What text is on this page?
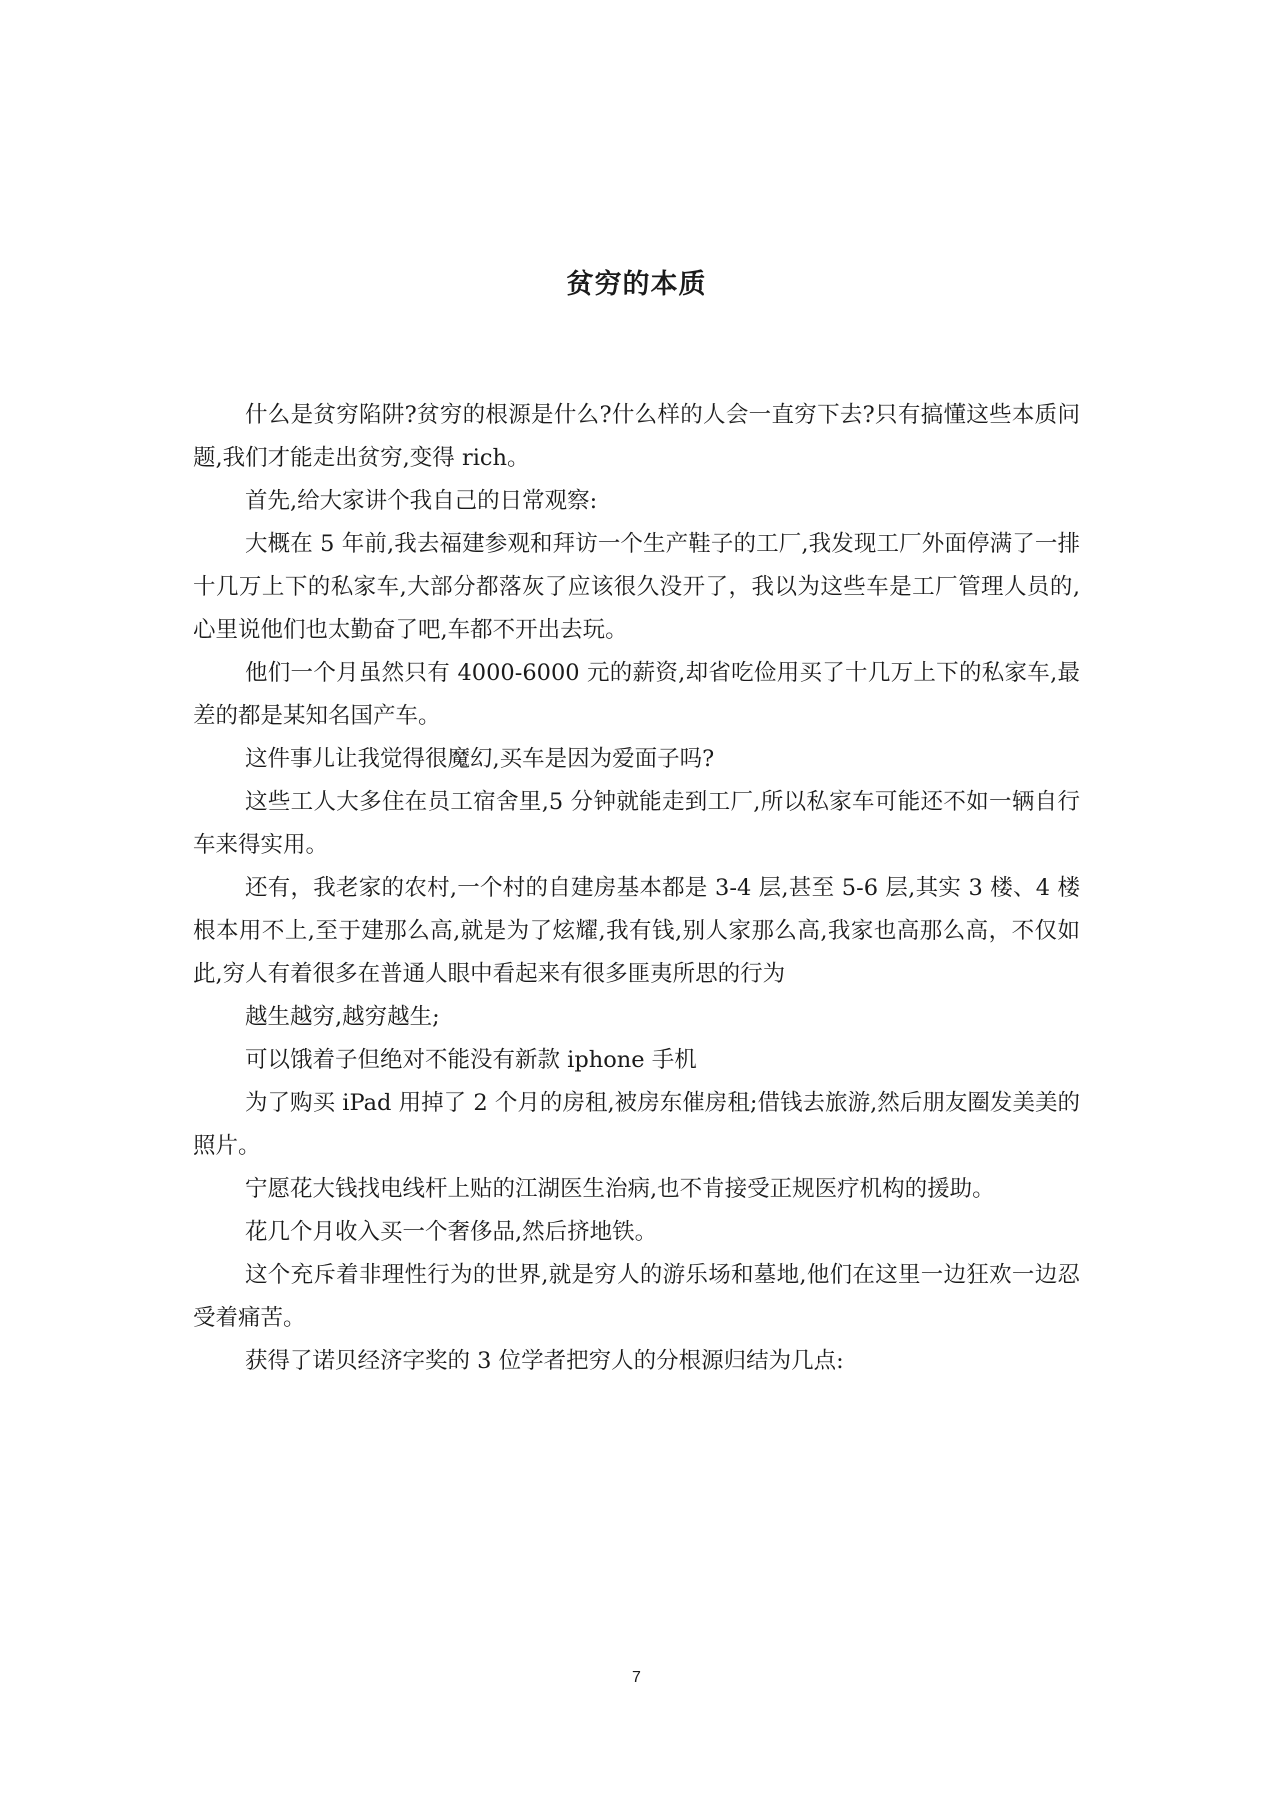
贫穷的本质

什么是贫穷陷阱?贫穷的根源是什么?什么样的人会一直穷下去?只有搞懂这些本质问题,我们才能走出贫穷,变得 rich。

首先,给大家讲个我自己的日常观察:

大概在 5 年前,我去福建参观和拜访一个生产鞋子的工厂,我发现工厂外面停满了一排十几万上下的私家车,大部分都落灰了应该很久没开了，我以为这些车是工厂管理人员的,心里说他们也太勤奋了吧,车都不开出去玩。

他们一个月虽然只有 4000-6000 元的薪资,却省吃俭用买了十几万上下的私家车,最差的都是某知名国产车。

这件事儿让我觉得很魔幻,买车是因为爱面子吗?

这些工人大多住在员工宿舍里,5 分钟就能走到工厂,所以私家车可能还不如一辆自行车来得实用。

还有，我老家的农村,一个村的自建房基本都是 3-4 层,甚至 5-6 层,其实 3 楼、4 楼根本用不上,至于建那么高,就是为了炫耀,我有钱,别人家那么高,我家也高那么高，不仅如此,穷人有着很多在普通人眼中看起来有很多匪夷所思的行为

越生越穷,越穷越生;

可以饿着子但绝对不能没有新款 iphone 手机

为了购买 iPad 用掉了 2 个月的房租,被房东催房租;借钱去旅游,然后朋友圈发美美的照片。

宁愿花大钱找电线杆上贴的江湖医生治病,也不肯接受正规医疗机构的援助。

花几个月收入买一个奢侈品,然后挤地铁。

这个充斥着非理性行为的世界,就是穷人的游乐场和墓地,他们在这里一边狂欢一边忍受着痛苦。

获得了诺贝经济字奖的 3 位学者把穷人的分根源归结为几点:

7
